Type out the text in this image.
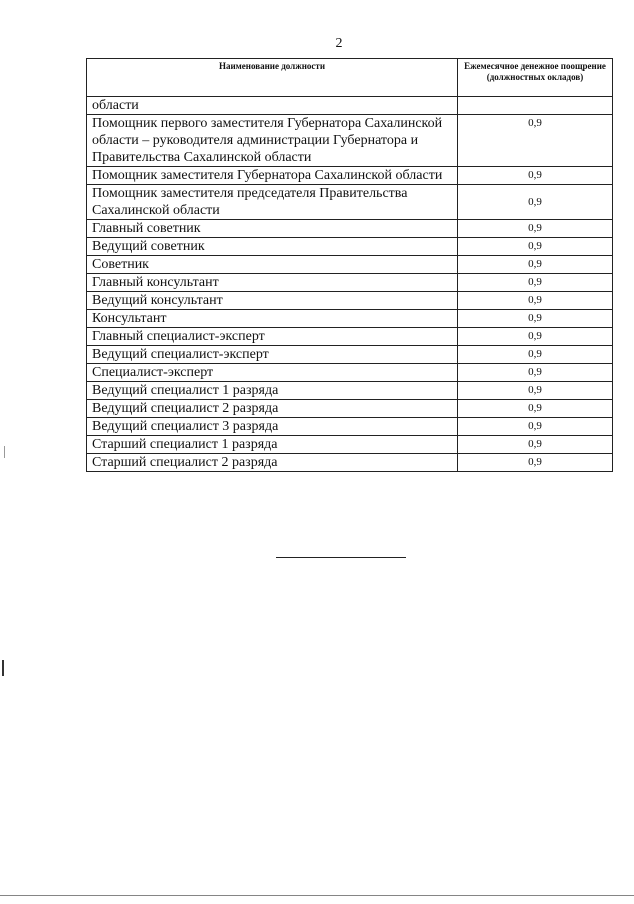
2
Наименование должности	Ежемесячное денежное поощрение (должностных окладов)
области	
Помощник первого заместителя Губернатора Сахалинской области – руководителя администрации Губернатора и Правительства Сахалинской области	0,9
Помощник заместителя Губернатора Сахалинской области	0,9
Помощник заместителя председателя Правительства Сахалинской области	0,9
Главный советник	0,9
Ведущий советник	0,9
Советник	0,9
Главный консультант	0,9
Ведущий консультант	0,9
Консультант	0,9
Главный специалист-эксперт	0,9
Ведущий специалист-эксперт	0,9
Специалист-эксперт	0,9
Ведущий специалист 1 разряда	0,9
Ведущий специалист 2 разряда	0,9
Ведущий специалист 3 разряда	0,9
Старший специалист 1 разряда	0,9
Старший специалист 2 разряда	0,9
